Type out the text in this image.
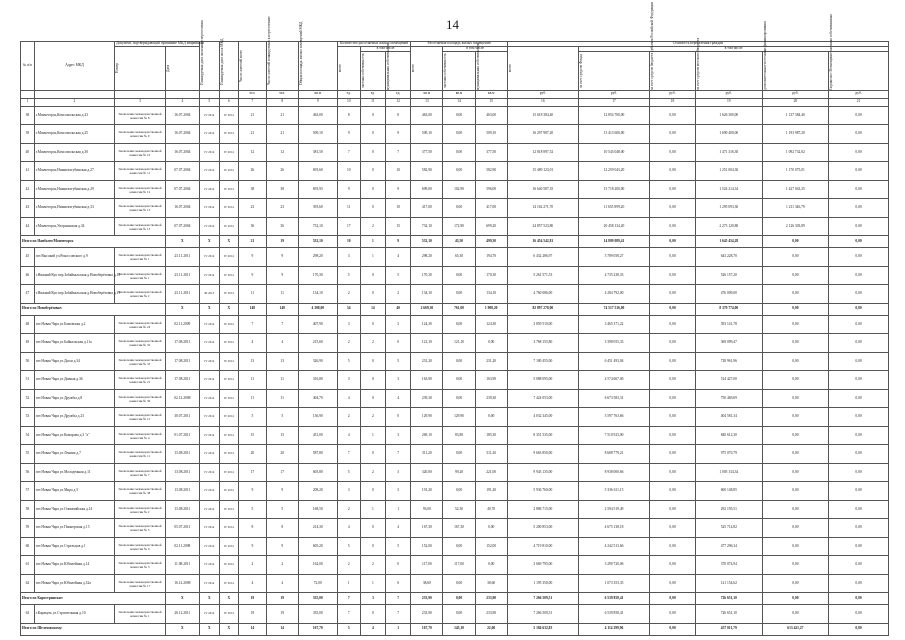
14
№ п/п	Адрес МКД	Документ, подтверждающий признание МКД аварийным		Планируемая дата окончания переселения	Планируемая дата сноса МКД	Число жителей всего	Число жителей планируемых к переселению	Общая площадь жилых помещений МКД	Количество расселяемых жилых помещений			Расселяемая площадь жилых помещений			Стоимость переселения граждан					

		Номер	Дата						всего	в том числе		всего	в том числе		всего	в том числе				

										частная собственность	муниципальная собственность		частная собственность	муниципальная собственность		за счет средств Фонда	за счет средств бюджета субъекта Российской Федерации	за счет средств местного бюджета	дополнительные источники финансирования	Справочно: Возмещение частным собственникам

						чел.	чел.	кв.м	ед.	ед.	ед.	кв.м	кв.м	кв.м	руб.	руб.	руб.	руб.	руб.	руб.
1	2	3	4	5	6	7	8	9	10	11	12	13	14	15	16	17	18	19	20	21
38	г.Мончегорск,Комсомольская д.23	Заключение межведомственной комиссии № 8	16.07.2004	IV 2014	IV 2014	21	21	463,00	8	0	8	463,00	0,00	463,00	15 618 384,40	12 854 700,00	0,00	1 626 300,00	1 137 384,40	0,00
39	г.Мончегорск,Комсомольская д.25	Заключение межведомственной комиссии № 9	16.07.2004	IV 2014	IV 2014	21	21	509,10	9	0	9	509,10	0,00	509,10	16 297 987,20	13 413 600,00	0,00	1 690 400,00	1 193 987,20	0,00
40	г.Мончегорск,Комсомольская д.30	Заключение межведомственной комиссии № 10	16.07.2004	IV 2014	IV 2014	12	12	381,50	7	0	7	377,50	0,00	377,50	12 818 897,52	10 543 048,00	0,00	1 471 316,30	1 092 732,02	0,00
41	г.Мончегорск,Нижнеахтубинская д.27	Заключение межведомственной комиссии № 11	07.07.2004	IV 2014	IV 2014	26	26	693,60	10	0	10	582,90	0,00	582,90	15 480 123,01	12 259 043,20	0,00	1 251 004,30	1 170 075,01	0,00
42	г.Мончегорск,Нижнеахтубинская д.29	Заключение межведомственной комиссии № 12	07.07.2004	IV 2014	IV 2014	38	38	693,93	9	0	9	699,00	102,90	596,00	16 640 587,35	15 718 200,00	0,00	1 524 214,34	1 427 043,35	0,00
43	г.Мончегорск,Нижнеахтубинская д.33	Заключение межведомственной комиссии № 13	16.07.2004	IV 2014	IV 2014	23	23	393,60	11	0	10	417,00	0,00	417,00	14 162 271,70	11 655 899,20	0,00	1 295 093,30	1 211 346,79	0,00
44	г.Мончегорск,Упорнинская д.34	Заключение межведомственной комиссии № 13	07.07.2004	IV 2014	IV 2014	36	36	732,10	17	2	15	732,10	172,90	699,20	24 857 523,80	20 458 134,20	0,00	2 273 120,80	2 126 303,89	0,00
Итого по Наиболее/Мончегорск			X	X	X	21	19	532,10	10	1	9	532,10	43,50	499,30	16 454 542,81	14 809 089,41	0,00	1 645 454,28	0,00	0,00
45	пгт.Высокий ул.Рокоссовского д.9	Заключение межведомственной комиссии № 1	23.11.2011	IV 2014	IV 2014	9	9	298,20	3	1	4	298,20	65,30	194,70	6 432 286,97	5 789 058,27	0,00	643 228,70	0,00	0,00
46	г.Нижний Куп пер.Забайкальская д.Новоберёзовка д.18	Заключение межведомственной комиссии № 1	23.11.2011	IV 2014	IV 2014	9	9	170,30	5	0	5	170,30	0,00	170,30	5 261 571,53	4 735 238,33	0,00	526 157,20	0,00	0,00
47	г.Нижний Куп пер.Забайкальская д.Новоберёзовка д.19	Заключение межведомственной комиссии № 2	23.11.2011	III 2013	IV 2014	11	11	134,10	2	0	2	134,10	0,00	134,10	4 760 086,00	4 284 792,00	0,00	476 009,00	0,00	0,00
Итого по Новоберёзовке:			X	X	X	148	148	4 308,00	54	14	40	2 669,30	761,00	1 908,20	82 897 278,00	74 517 516,00	0,00	8 379 774,00	0,00	0,00
48	пгт.Новая Чара ул.Бамовская д.2	Заключение межведомственной комиссии № 24	02.11.2009	IV 2014	IV 2014	7	7	407,90	3	0	3	124,30	0,00	124,30	3 859 510,00	3 465 371,22	0,00	393 141,78	0,00	0,00
49	пгт.Новая Чара ул.Байкальская д.11а	Заключение межведомственной комиссии № 32	17.08.2011	IV 2014	IV 2014	4	4	215,60	2	2	0	121,10	121,10	0,00	3 768 155,80	3 398 055,33	0,00	369 099,47	0,00	0,00
50	пгт.Новая Чара ул.Дыхи д.34	Заключение межведомственной комиссии № 33	17.08.2011	IV 2014	IV 2014	13	13	326,90	5	0	5	231,20	0,00	231,20	7 180 455,00	6 451 493,04	0,00	728 961,96	0,00	0,00
51	пгт.Новая Чара ул.Дивная д.36	Заключение межведомственной комиссии № 21	17.08.2011	IV 2014	IV 2014	11	11	316,80	3	0	3	163,90	0,00	163,90	5 088 095,00	4 574 667,00	0,00	514 427,00	0,00	0,00
52	пгт.Новая Чара ул.Дружбы д.8	Заключение межведомственной комиссии № 36	02.12.2008	IV 2014	IV 2014	11	11	404,70	4	0	4	239,30	0,00	239,30	7 424 053,00	6 673 583,31	0,00	750 469,69	0,00	0,00
53	пгт.Новая Чара ул.Дружбы д.23	Заключение межведомственной комиссии № 15	30.07.2011	IV 2014	IV 2014	5	5	136,90	2	2	0	129,90	129,90	0,00	4 032 345,00	3 597 763,66	0,00	404 581,34	0,00	0,00
54	пгт.Новая Чара ул.Комарова д.3 "а"	Заключение межведомственной комиссии № 4	01.07.2011	IV 2014	IV 2014	15	15	451,00	4	1	3	269,10	83,80	185,30	8 351 535,00	7 510 923,00	0,00	840 612,30	0,00	0,00
55	пгт.Новая Чара ул.Ленина д.7	Заключение межведомственной комиссии № 11	13.08.2011	IV 2014	IV 2014	20	20	587,80	7	0	7	311,20	0,00	311,20	9 663 850,00	8 688 779,21	0,00	975 070,79	0,00	0,00
56	пгт.Новая Чара ул.Молодёжная д.11	Заключение межведомственной комиссии № 7	13.08.2011	IV 2014	IV 2014	17	17	603,80	5	2	3	320,00	99,20	221,00	9 943 135,00	8 938 000,66	0,00	1 005 134,34	0,00	0,00
57	пгт.Новая Чара ул.Мира д.5	Заключение межведомственной комиссии № 38	13.08.2011	IV 2014	IV 2014	9	9	208,20	3	0	3	191,20	0,00	191,20	5 936 760,00	5 336 611,15	0,00	600 148,85	0,00	0,00
58	пгт.Новая Чара ул.Олимпийская д.14	Заключение межведомственной комиссии № 2	13.08.2011	IV 2014	IV 2014	5	5	168,50	2	1	1	93,00	52,30	40,70	2 886 715,00	2 594 519,49	0,00	292 195,51	0,00	0,00
59	пгт.Новая Чара ул.Пионерская д.15	Заключение межведомственной комиссии № 5	05.07.2011	IV 2014	IV 2014	8	8	214,30	4	0	4	167,30	167,30	0,00	5 200 853,00	4 675 138,18	0,00	525 714,82	0,00	0,00
60	пгт.Новая Чара ул.Стрельцов д.1	Заключение межведомственной комиссии № 9	02.11.2008	IV 2014	IV 2014	9	9	605,20	5	0	5	152,00	0,00	152,00	4 719 810,00	4 242 513,66	0,00	477 296,34	0,00	0,00
61	пгт.Новая Чара ул.Юбилейная д.14	Заключение межведомственной комиссии № 3	11.08.2011	IV 2014	IV 2014	2	2	162,00	2	2	0	117,00	117,00	0,00	3 669 795,00	3 290 720,06	0,00	370 074,94	0,00	0,00
62	пгт.Новая Чара ул.Юбилейная д.32а	Заключение межведомственной комиссии № 17	16.12.2008	IV 2014	IV 2014	4	4	72,00	1	1	0	38,60	0,00	38,60	1 195 350,00	1 073 353,35	0,00	121 154,62	0,00	0,00
Итого по Каростринское:			X	X	X	19	19	335,00	7	3	7	233,90	0,00	233,90	7 266 509,51	6 539 858,41	0,00	726 651,10	0,00	0,00
63	г.Каракуль ул.Строительная д.10	Заключение межведомственной комиссии № 1	26.12.2011	IV 2014	IV 2014	19	19	335,00	7	0	7	233,90	0,00	233,90	7 266 509,51	6 539 858,41	0,00	726 651,10	0,00	0,00
Итого по Шелеховскому:			X	X	X	14	14	167,70	5	4	1	167,70	145,10	22,60	5 184 632,83	4 114 299,96	0,00	457 011,79	613 421,27	0,00
